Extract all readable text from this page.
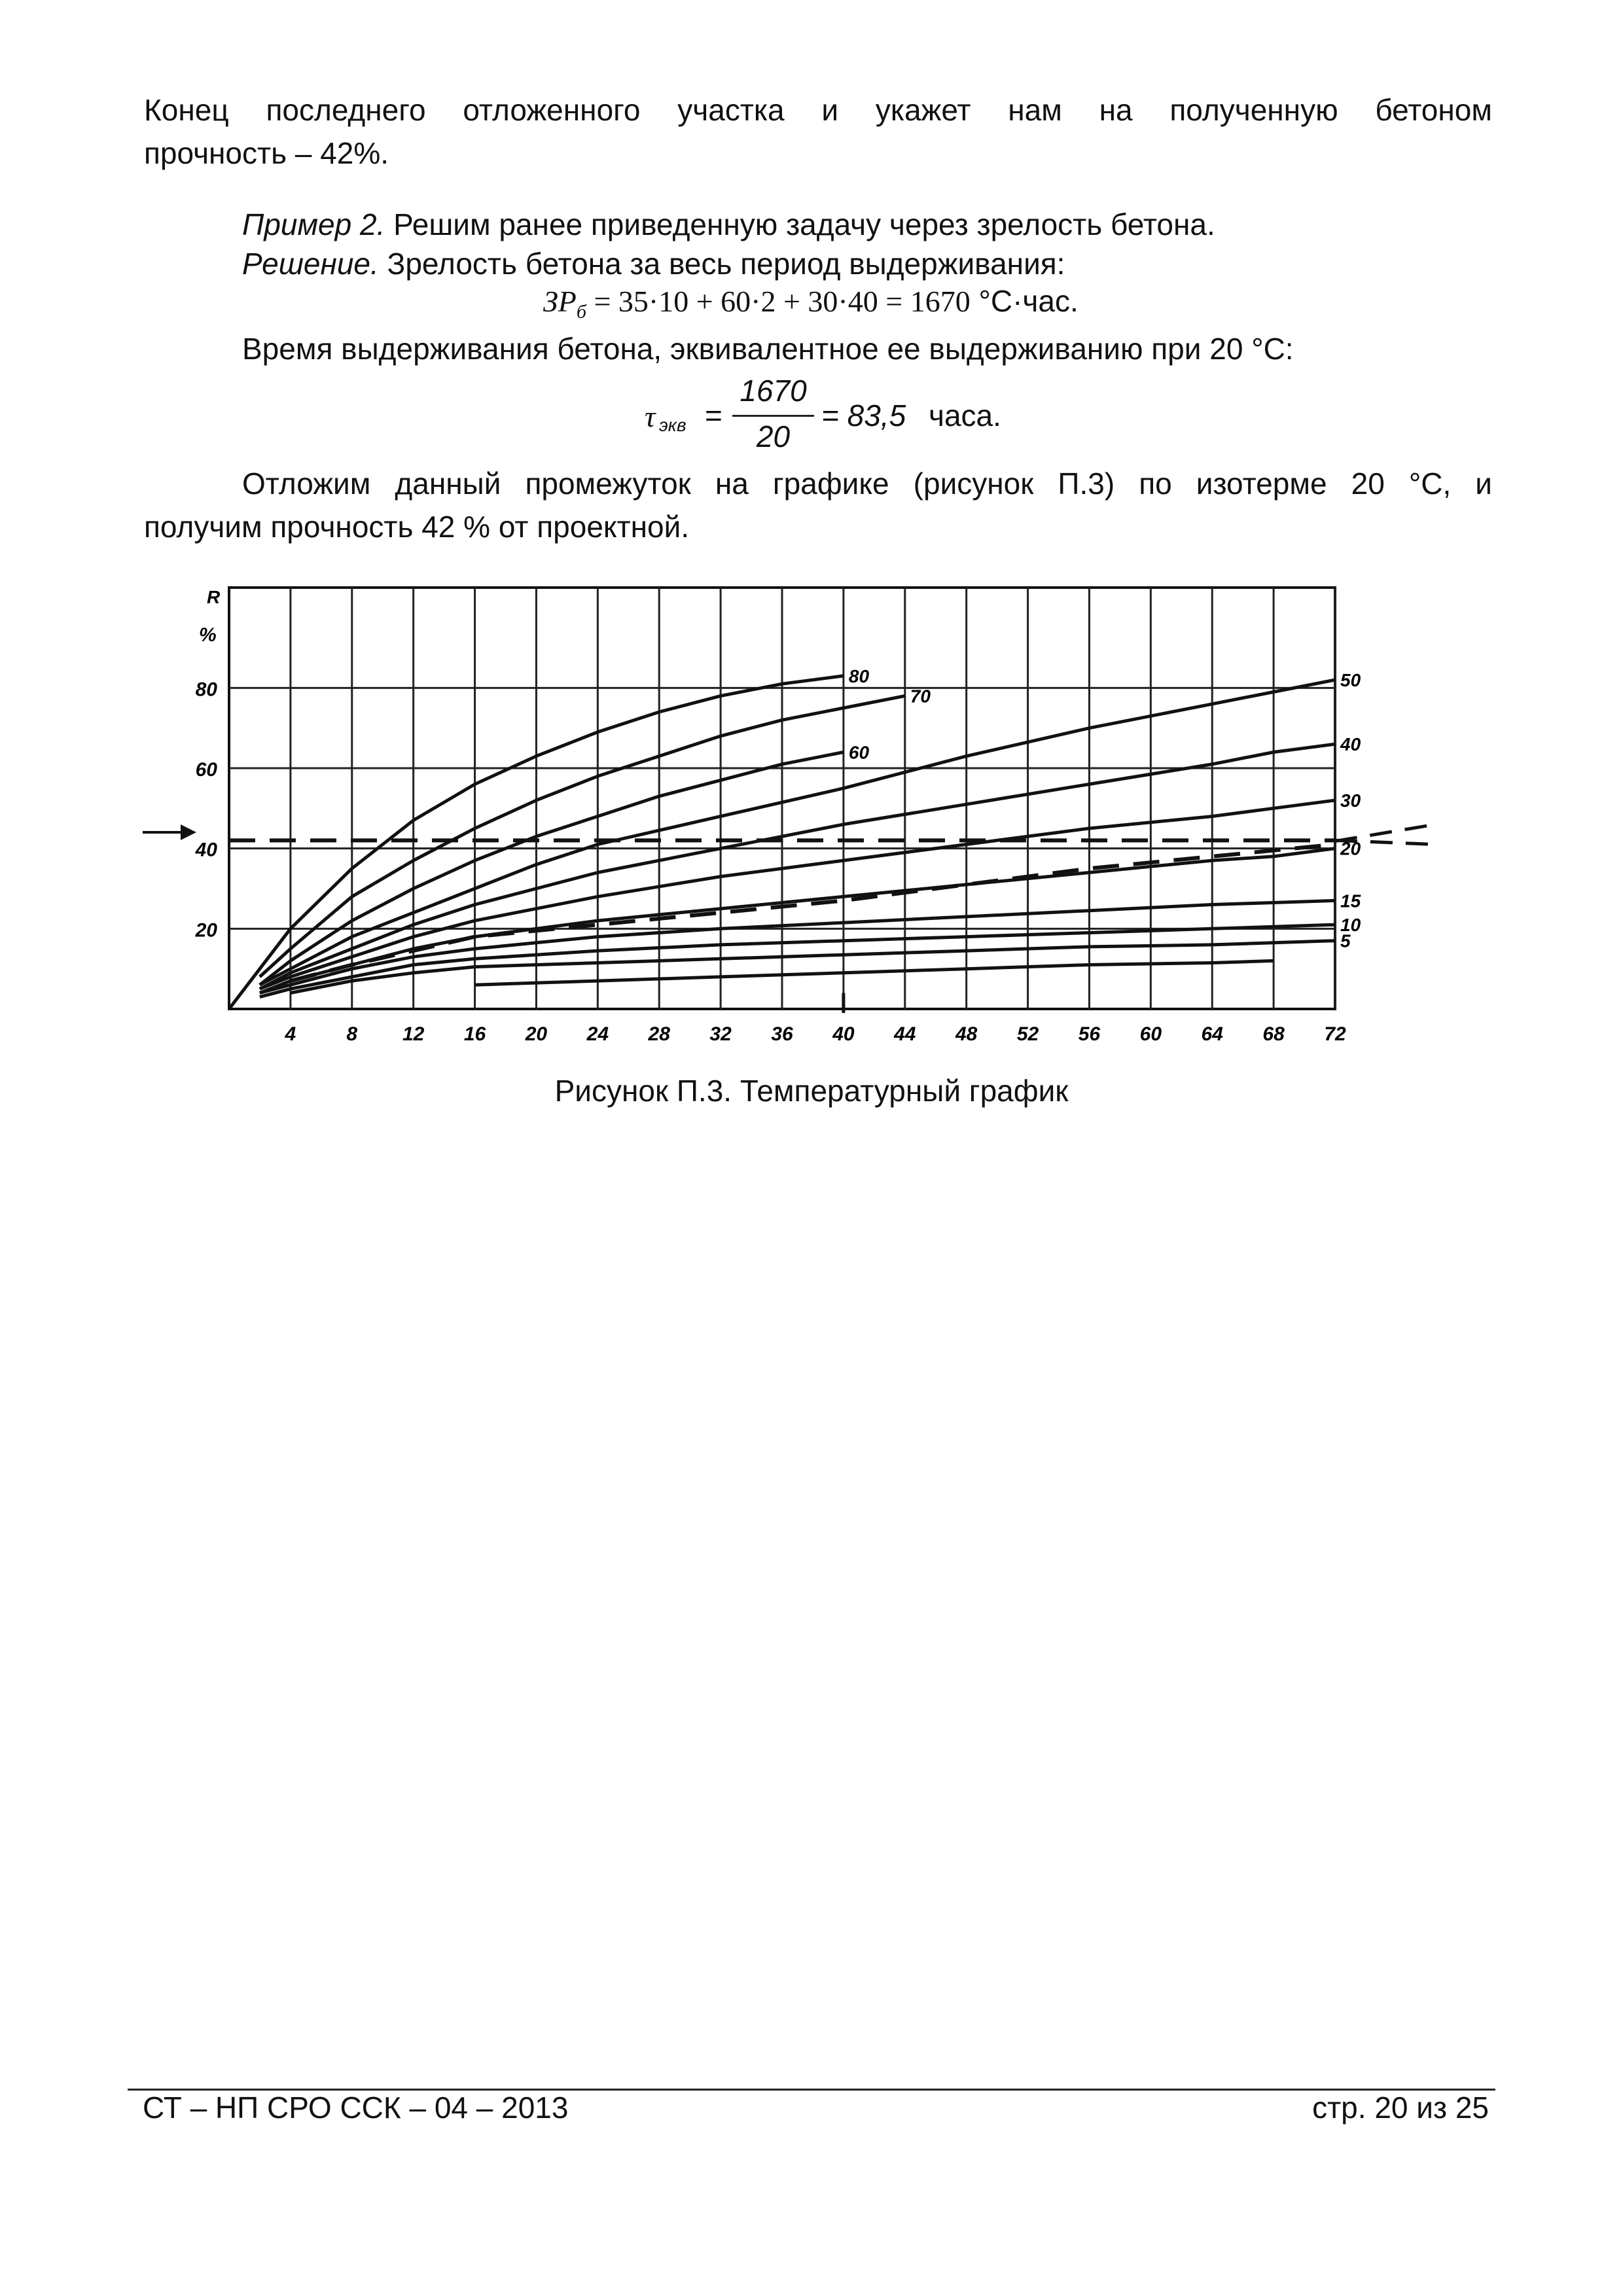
Конец последнего отложенного участка и укажет нам на полученную бетоном

прочность – 42%.

Пример 2. Решим ранее приведенную задачу через зрелость бетона.

Решение. Зрелость бетона за весь период выдерживания:

$ЗР_б = 35\cdot 10 + 60\cdot 2 + 30\cdot 40 = 1670$ °С·час.

Время выдерживания бетона, эквивалентное ее выдерживанию при 20 °С:

τ экв =
1670
20
= 83,5 часа.

Отложим данный промежуток на графике (рисунок П.3) по изотерме 20 °С, и

получим прочность 42 % от проектной.

4	8 12 16 20 24 28 32 36 40 44 48 52 56 60 64 68 72
20
40
60
80
80
70
60
50
40
30
20
15
10
5
R
%
Рисунок П.3. Температурный график
СТ – НП СРО ССК – 04 – 2013	стр. 20 из 25
